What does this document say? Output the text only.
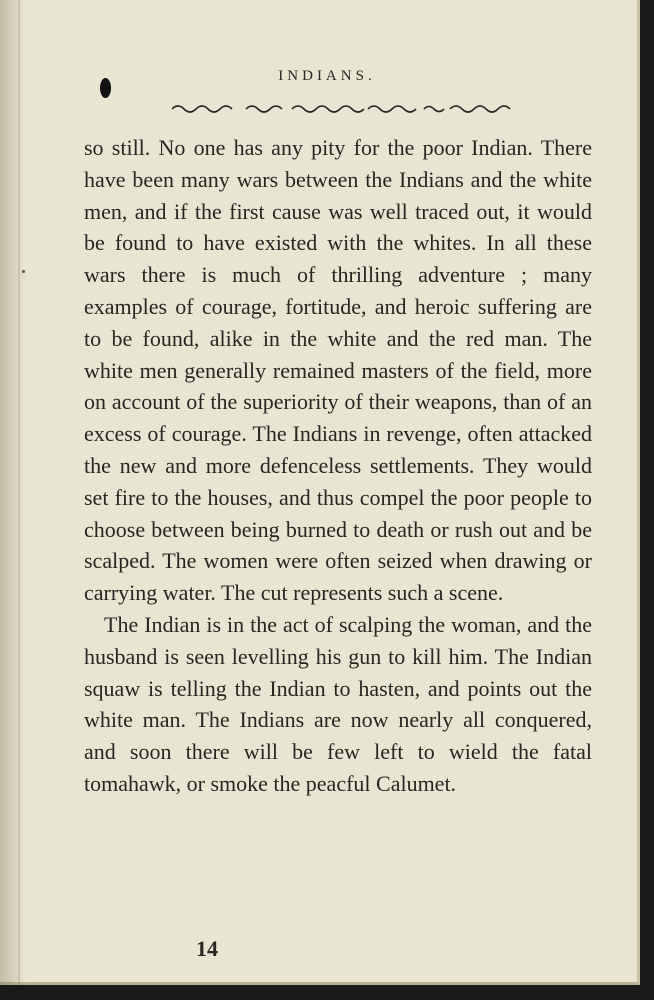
INDIANS.

so still. No one has any pity for the poor Indian. There have been many wars between the Indians and the white men, and if the first cause was well traced out, it would be found to have existed with the whites. In all these wars there is much of thrilling adventure ; many examples of courage, fortitude, and heroic suffering are to be found, alike in the white and the red man. The white men generally remained masters of the field, more on account of the superiority of their weapons, than of an excess of courage. The Indians in revenge, often attacked the new and more defenceless settlements. They would set fire to the houses, and thus compel the poor people to choose between being burned to death or rush out and be scalped. The women were often seized when drawing or carrying water. The cut represents such a scene.

The Indian is in the act of scalping the woman, and the husband is seen levelling his gun to kill him. The Indian squaw is telling the Indian to hasten, and points out the white man. The Indians are now nearly all conquered, and soon there will be few left to wield the fatal tomahawk, or smoke the peacful Calumet.

14
